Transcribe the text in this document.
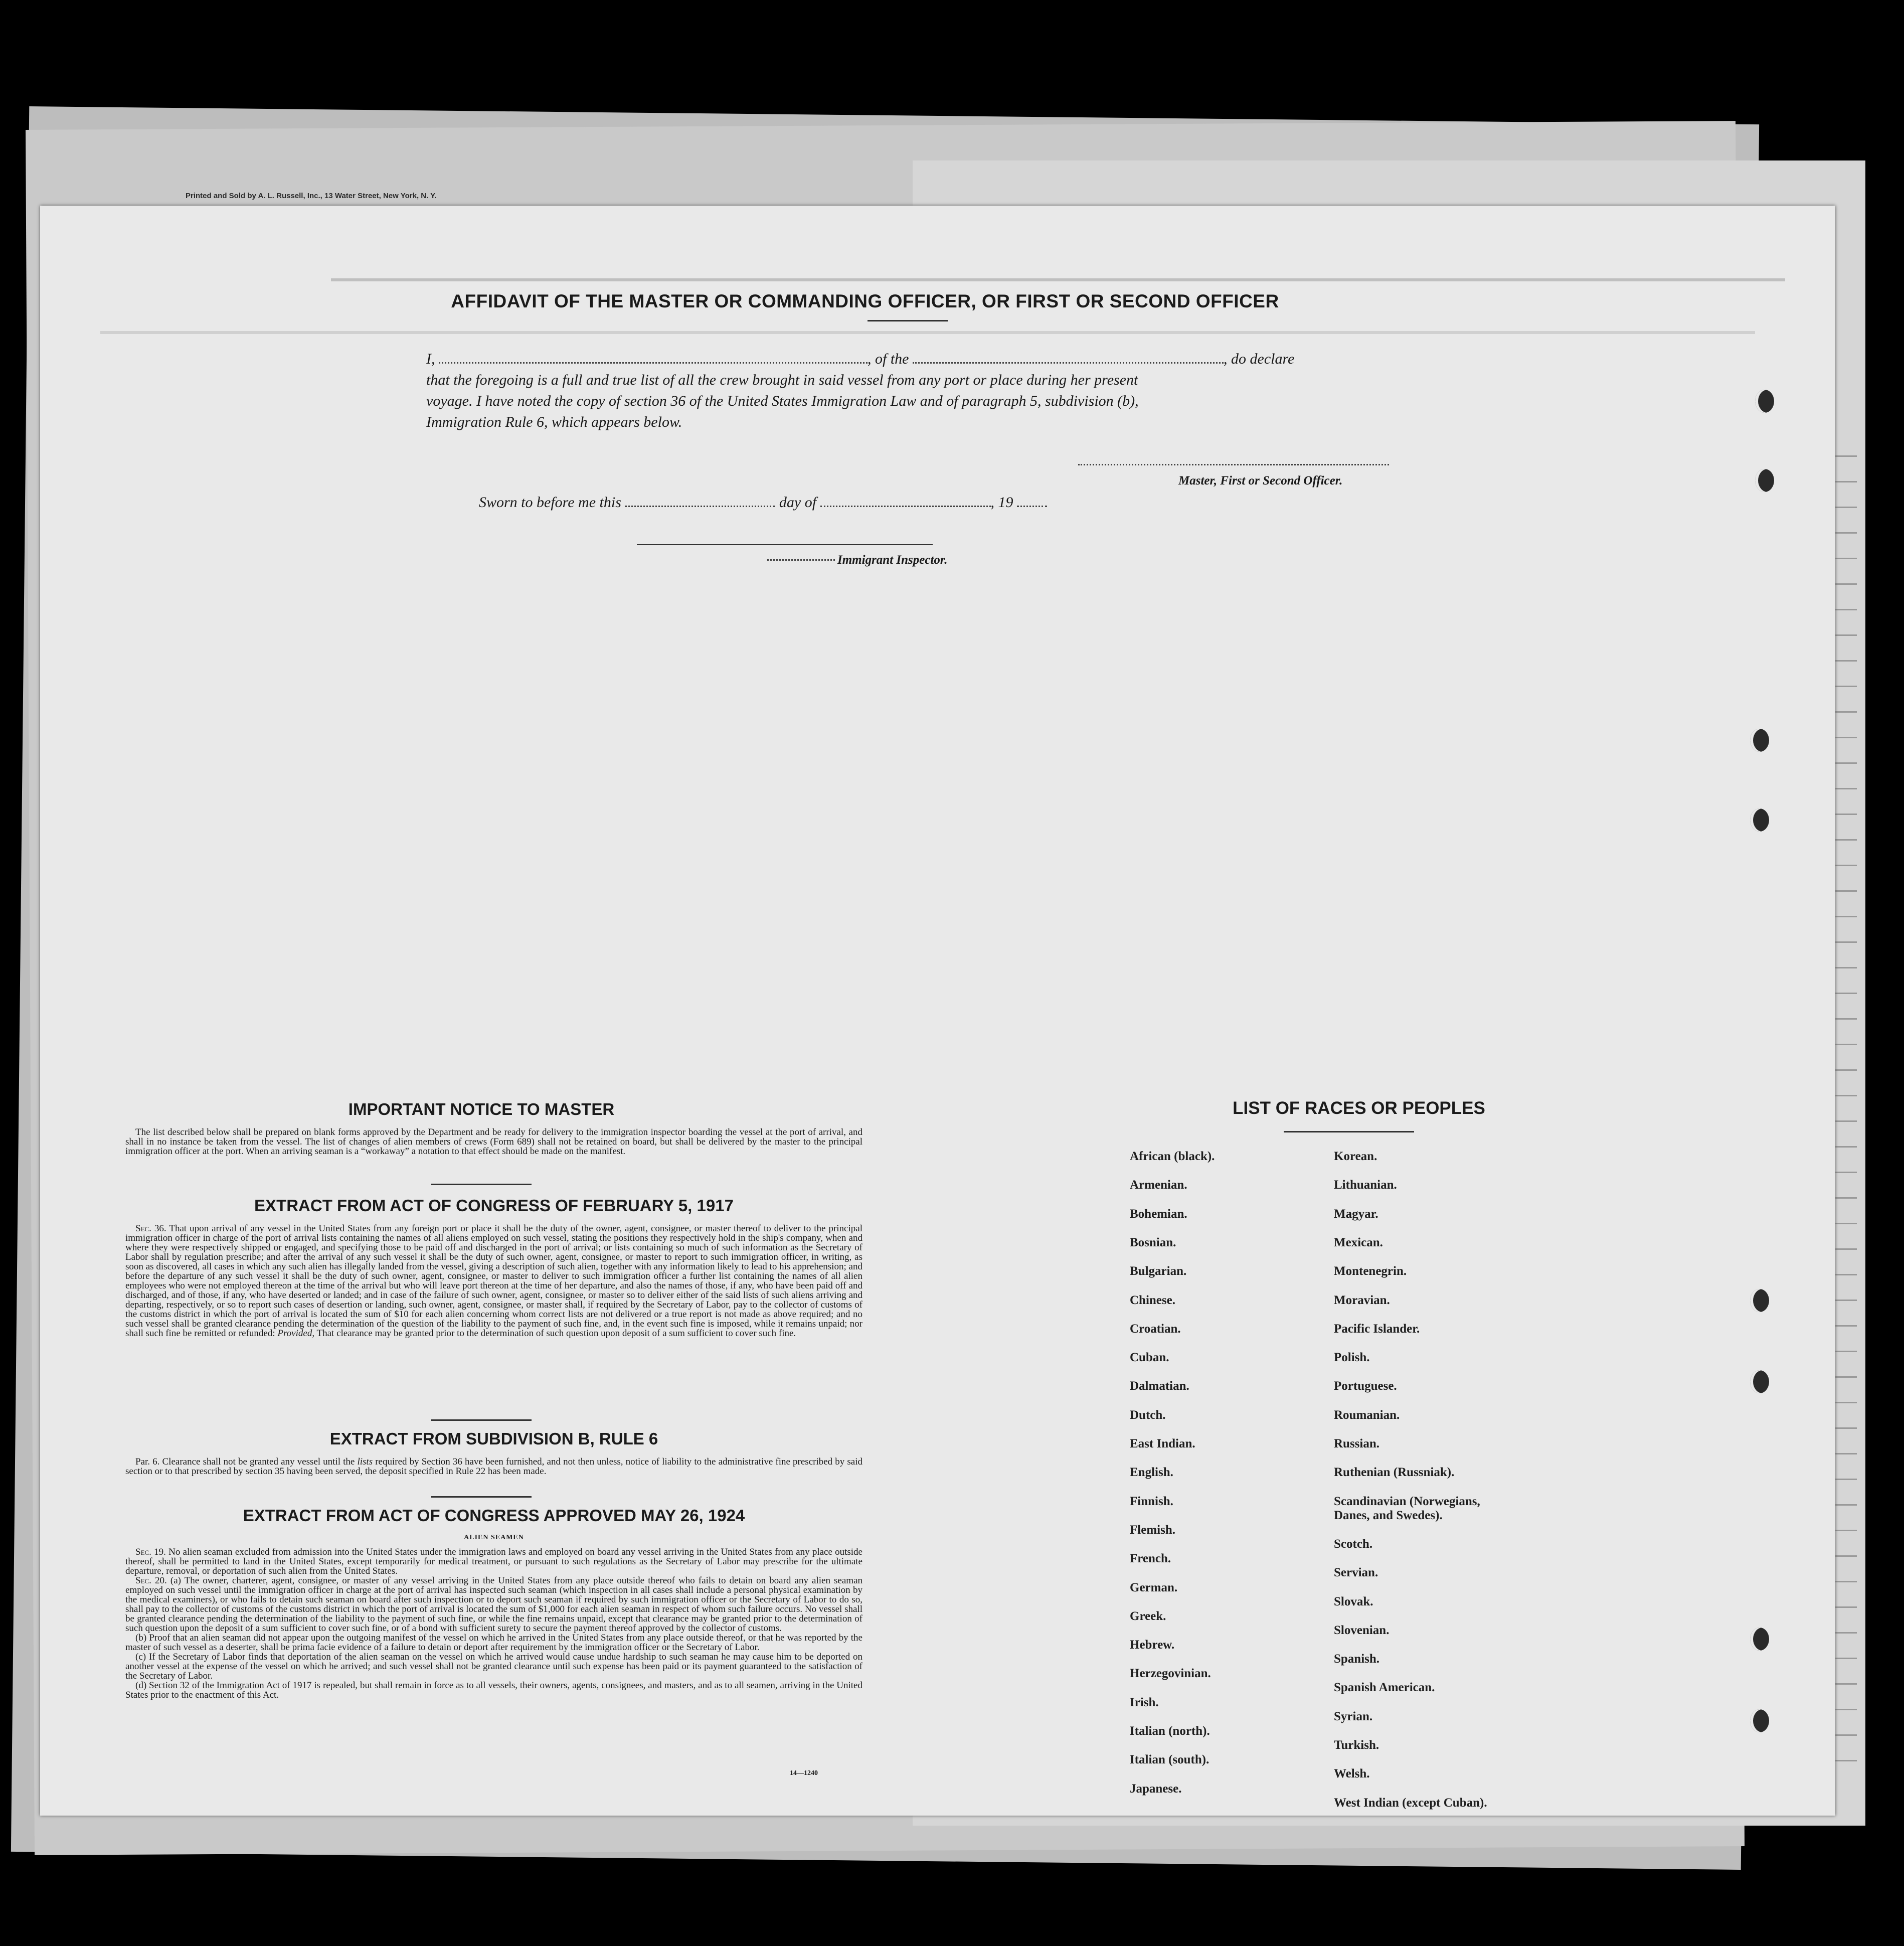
Printed and Sold by A. L. Russell, Inc., 13 Water Street, New York, N. Y.
AFFIDAVIT OF THE MASTER OR COMMANDING OFFICER, OR FIRST OR SECOND OFFICER
I,	, of the	, do declare
that the foregoing is a full and true list of all the crew brought in said vessel from any port or place during her present
voyage. I have noted the copy of section 36 of the United States Immigration Law and of paragraph 5, subdivision (b),
Immigration Rule 6, which appears below.
Master, First or Second Officer.
Sworn to before me this	day of	, 19
Immigrant Inspector.
IMPORTANT NOTICE TO MASTER

The list described below shall be prepared on blank forms approved by the Department and be ready for delivery to the immigration inspector boarding the vessel at the port of arrival, and shall in no instance be taken from the vessel. The list of changes of alien members of crews (Form 689) shall not be retained on board, but shall be delivered by the master to the principal immigration officer at the port. When an arriving seaman is a “workaway” a notation to that effect should be made on the manifest.

EXTRACT FROM ACT OF CONGRESS OF FEBRUARY 5, 1917

Sec. 36. That upon arrival of any vessel in the United States from any foreign port or place it shall be the duty of the owner, agent, consignee, or master thereof to deliver to the principal immigration officer in charge of the port of arrival lists containing the names of all aliens employed on such vessel, stating the positions they respectively hold in the ship's company, when and where they were respectively shipped or engaged, and specifying those to be paid off and discharged in the port of arrival; or lists containing so much of such information as the Secretary of Labor shall by regulation prescribe; and after the arrival of any such vessel it shall be the duty of such owner, agent, consignee, or master to report to such immigration officer, in writing, as soon as discovered, all cases in which any such alien has illegally landed from the vessel, giving a description of such alien, together with any information likely to lead to his apprehension; and before the departure of any such vessel it shall be the duty of such owner, agent, consignee, or master to deliver to such immigration officer a further list containing the names of all alien employees who were not employed thereon at the time of the arrival but who will leave port thereon at the time of her departure, and also the names of those, if any, who have been paid off and discharged, and of those, if any, who have deserted or landed; and in case of the failure of such owner, agent, consignee, or master so to deliver either of the said lists of such aliens arriving and departing, respectively, or so to report such cases of desertion or landing, such owner, agent, consignee, or master shall, if required by the Secretary of Labor, pay to the collector of customs of the customs district in which the port of arrival is located the sum of $10 for each alien concerning whom correct lists are not delivered or a true report is not made as above required; and no such vessel shall be granted clearance pending the determination of the question of the liability to the payment of such fine, and, in the event such fine is imposed, while it remains unpaid; nor shall such fine be remitted or refunded: Provided, That clearance may be granted prior to the determination of such question upon deposit of a sum sufficient to cover such fine.

EXTRACT FROM SUBDIVISION B, RULE 6

Par. 6. Clearance shall not be granted any vessel until the lists required by Section 36 have been furnished, and not then unless, notice of liability to the administrative fine prescribed by said section or to that prescribed by section 35 having been served, the deposit specified in Rule 22 has been made.

EXTRACT FROM ACT OF CONGRESS APPROVED MAY 26, 1924
ALIEN SEAMEN

Sec. 19. No alien seaman excluded from admission into the United States under the immigration laws and employed on board any vessel arriving in the United States from any place outside thereof, shall be permitted to land in the United States, except temporarily for medical treatment, or pursuant to such regulations as the Secretary of Labor may prescribe for the ultimate departure, removal, or deportation of such alien from the United States.

Sec. 20. (a) The owner, charterer, agent, consignee, or master of any vessel arriving in the United States from any place outside thereof who fails to detain on board any alien seaman employed on such vessel until the immigration officer in charge at the port of arrival has inspected such seaman (which inspection in all cases shall include a personal physical examination by the medical examiners), or who fails to detain such seaman on board after such inspection or to deport such seaman if required by such immigration officer or the Secretary of Labor to do so, shall pay to the collector of customs of the customs district in which the port of arrival is located the sum of $1,000 for each alien seaman in respect of whom such failure occurs. No vessel shall be granted clearance pending the determination of the liability to the payment of such fine, or while the fine remains unpaid, except that clearance may be granted prior to the determination of such question upon the deposit of a sum sufficient to cover such fine, or of a bond with sufficient surety to secure the payment thereof approved by the collector of customs.

(b) Proof that an alien seaman did not appear upon the outgoing manifest of the vessel on which he arrived in the United States from any place outside thereof, or that he was reported by the master of such vessel as a deserter, shall be prima facie evidence of a failure to detain or deport after requirement by the immigration officer or the Secretary of Labor.

(c) If the Secretary of Labor finds that deportation of the alien seaman on the vessel on which he arrived would cause undue hardship to such seaman he may cause him to be deported on another vessel at the expense of the vessel on which he arrived; and such vessel shall not be granted clearance until such expense has been paid or its payment guaranteed to the satisfaction of the Secretary of Labor.

(d) Section 32 of the Immigration Act of 1917 is repealed, but shall remain in force as to all vessels, their owners, agents, consignees, and masters, and as to all seamen, arriving in the United States prior to the enactment of this Act.

14—1240
LIST OF RACES OR PEOPLES
African (black).
Armenian.
Bohemian.
Bosnian.
Bulgarian.
Chinese.
Croatian.
Cuban.
Dalmatian.
Dutch.
East Indian.
English.
Finnish.
Flemish.
French.
German.
Greek.
Hebrew.
Herzegovinian.
Irish.
Italian (north).
Italian (south).
Japanese.
Korean.
Lithuanian.
Magyar.
Mexican.
Montenegrin.
Moravian.
Pacific Islander.
Polish.
Portuguese.
Roumanian.
Russian.
Ruthenian (Russniak).
Scandinavian (Norwegians,
Danes, and Swedes).
Scotch.
Servian.
Slovak.
Slovenian.
Spanish.
Spanish American.
Syrian.
Turkish.
Welsh.
West Indian (except Cuban).
